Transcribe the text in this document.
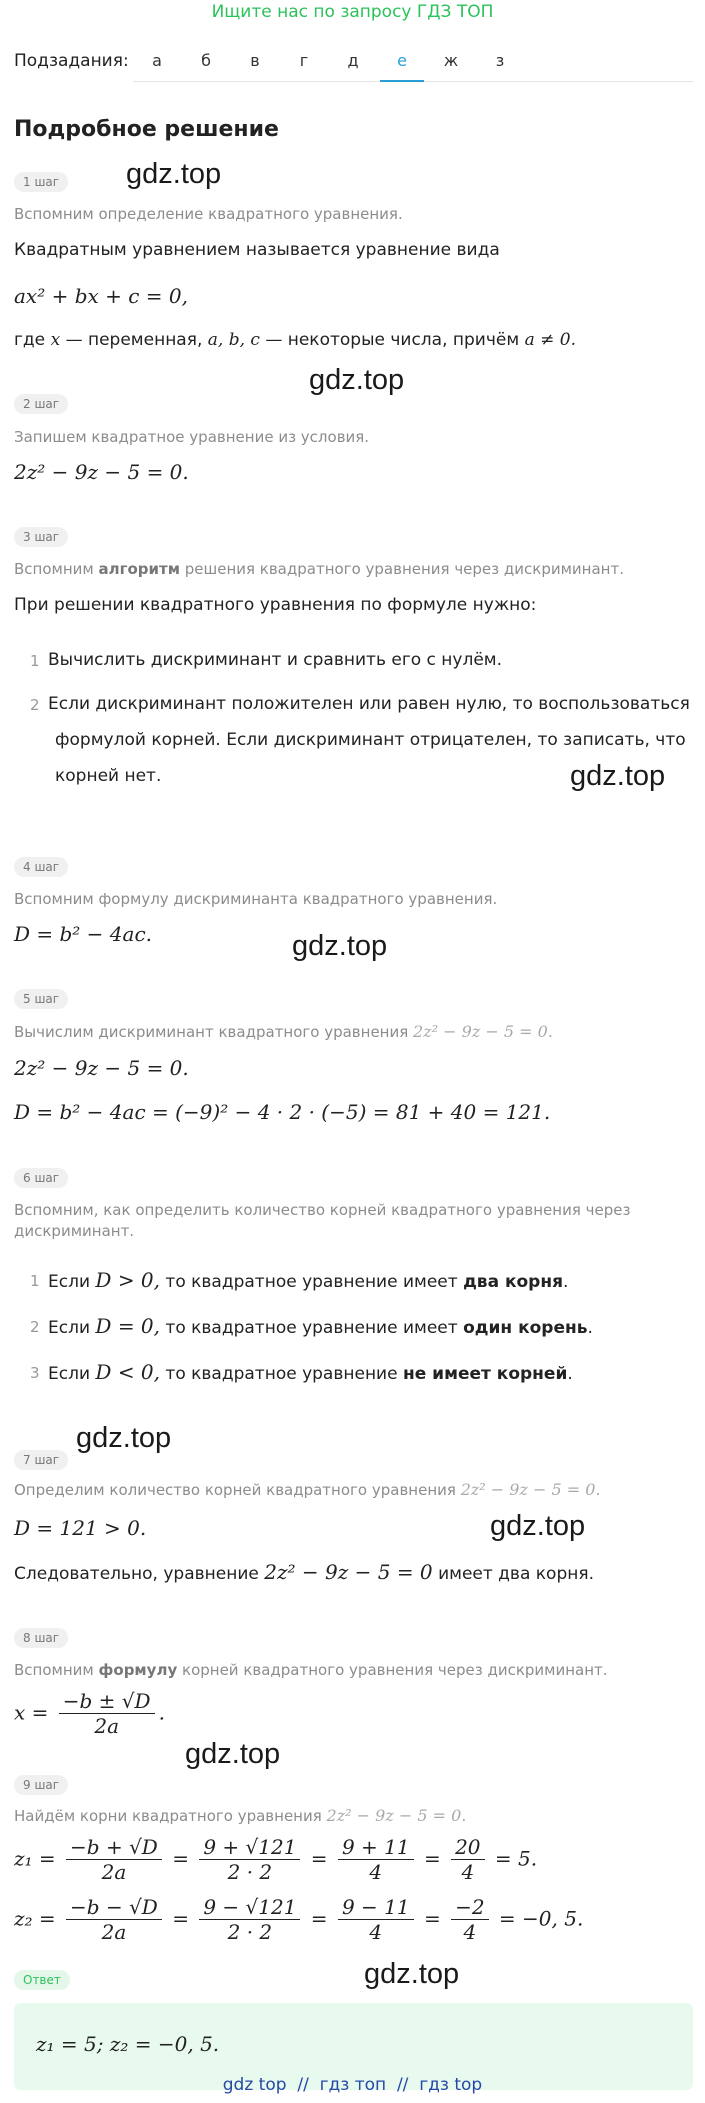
Ищите нас по запросу ГДЗ ТОП
Подзадания:	а	б	в	г	д	е	ж	з
Подробное решение
1 шаг	gdz.top
Вспомним определение квадратного уравнения.
Квадратным уравнением называется уравнение вида
ax² + bx + c = 0,
где x — переменная, a, b, c — некоторые числа, причём a ≠ 0.
gdz.top
2 шаг
Запишем квадратное уравнение из условия.
2z² − 9z − 5 = 0.
3 шаг
Вспомним алгоритм решения квадратного уравнения через дискриминант.
При решении квадратного уравнения по формуле нужно:
1 Вычислить дискриминант и сравнить его с нулём.
2 Если дискриминант положителен или равен нулю, то воспользоваться
формулой корней. Если дискриминант отрицателен, то записать, что
корней нет.	gdz.top
4 шаг
Вспомним формулу дискриминанта квадратного уравнения.
D = b² − 4ac.	gdz.top
5 шаг
Вычислим дискриминант квадратного уравнения 2z² − 9z − 5 = 0.
2z² − 9z − 5 = 0.
D = b² − 4ac = (−9)² − 4 · 2 · (−5) = 81 + 40 = 121.
6 шаг
Вспомним, как определить количество корней квадратного уравнения через
дискриминант.
1 Если D > 0, то квадратное уравнение имеет два корня.
2 Если D = 0, то квадратное уравнение имеет один корень.
3 Если D < 0, то квадратное уравнение не имеет корней.
gdz.top
7 шаг
Определим количество корней квадратного уравнения 2z² − 9z − 5 = 0.
D = 121 > 0.	gdz.top
Следовательно, уравнение 2z² − 9z − 5 = 0 имеет два корня.
8 шаг
Вспомним формулу корней квадратного уравнения через дискриминант.
$x = \frac{-b \pm √D}{2a}$ .
gdz.top
9 шаг
Найдём корни квадратного уравнения 2z² − 9z − 5 = 0.
$z_1 = \frac{-b + √D}{2a} = \frac{9 + √121}{2 \cdot 2} = \frac{9 + 11}{4} = \frac{20}{4} = 5$.
$z_2 = \frac{-b - √D}{2a} = \frac{9 - √121}{2 \cdot 2} = \frac{9 - 11}{4} = \frac{-2}{4} = -0$, 5.
Ответ	gdz.top
z₁ = 5; z₂ = −0, 5.
gdz top  //  гдз топ  //  гдз top
